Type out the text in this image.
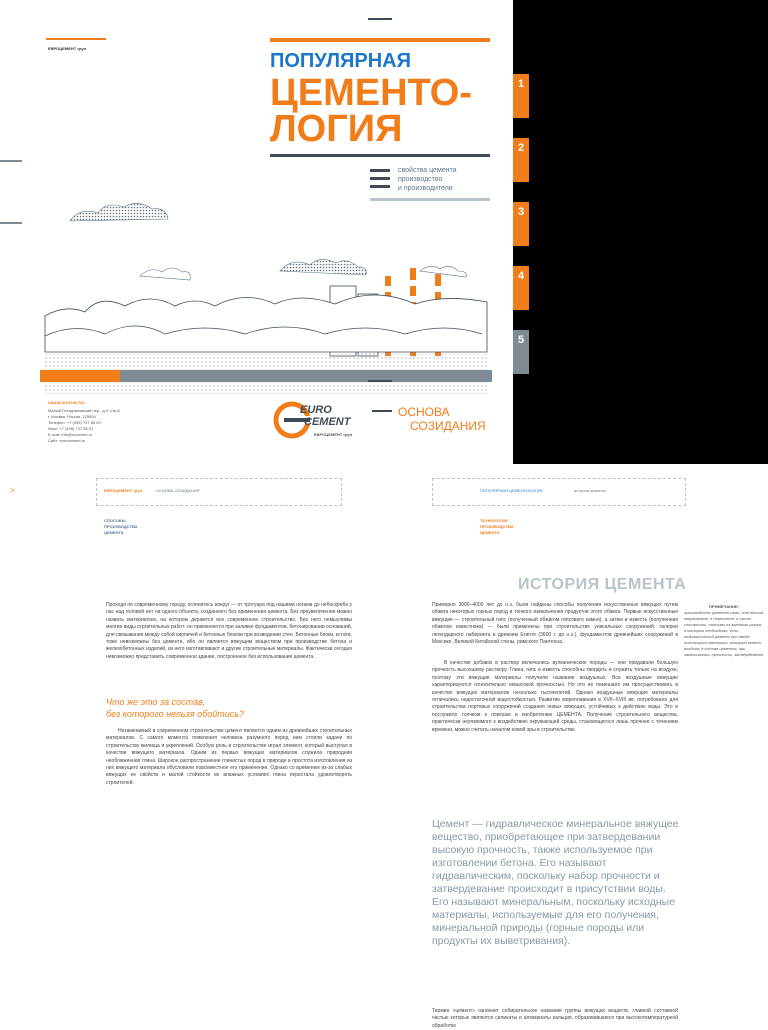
ЕВРОЦЕМЕНТ груп
ПОПУЛЯРНАЯ
ЦЕМЕНТО-
ЛОГИЯ
свойства цемента
производство
и производители
НАШИ КОНТАКТЫ
Малый Гнездниковский пер., д.9, стр.8
г. Москва, Россия, 125009
Телефон: +7 (495) 737 55 00
Факс: +7 (495) 737 55 01
E-mail: info@eurocem.ru
Сайт: eurocement.ru
EURO
CEMENT
ЕВРОЦЕМЕНТ груп
ОСНОВА
СОЗИДАНИЯ
1
2
3
4
5
>	ЕВРОЦЕМЕНТ груп	ОСНОВА СОЗИДАНИЯ
СПОСОБЫ
ПРОИЗВОДСТВА
ЦЕМЕНТА
ПОПУЛЯРНАЯ ЦЕМЕНТОЛОГИЯ	история цемента
ТЕХНОЛОГИЯ
ПРОИЗВОДСТВА
ЦЕМЕНТА
ИСТОРИЯ ЦЕМЕНТА
Проходя по современному городу, оглянитесь вокруг — от тротуара под нашими ногами до небоскреба у нас над головой нет ни одного объекта, созданного без применения цемента. Без преувеличения можно назвать материалом, на котором держится все современное строительство. Без него немыслимы многие виды строительных работ: он применяется при заливке фундаментов, бетонировании оснований, для связывания между собой кирпичей и бетонных блоков при возведении стен. Бетонные блоки, кстати, тоже невозможны без цемента, ибо он является вяжущим веществом при производстве бетона и железобетонных изделий, из него изготавливают и другие строительные материалы. Фактически сегодня невозможно представить современное здание, построенное без использования цемента.
Что же это за состав,
без которого нельзя обойтись?
Незаменимый в современном строительстве цемент является одним из древнейших строительных материалов. С самого момента появления человека разумного перед ним стояли задачи по строительству жилища и укреплений. Особую роль в строительстве играл элемент, который выступал в качестве вяжущего материала. Одним из первых вяжущих материалов служила природная необожженная глина. Широкое распространение глинистых пород в природе и простота изготовления из них вяжущего материала обусловили повсеместное его применение. Однако со временем из-за слабых вяжущих ее свойств и малой стойкости во влажных условиях глина перестала удовлетворять строителей.
Примерно 3000–4000 лет до н.э. были найдены способы получения искусственных вяжущих путем обжига некоторых горных пород и тонкого измельчения продуктов этого обжига. Первые искусственные вяжущие — строительный гипс (полученный обжигом гипсового камня), а затем и известь (полученная обжигом известняка) — были применены при строительстве уникальных сооружений: галереи легендарного лабиринта в древнем Египте (3600 г. до н.э.), фундаментов древнейших сооружений в Мексике, Великой Китайской стены, римского Пантеона.
В качестве добавок в раствор включались вулканические породы — они придавали большую прочность высохшему раствору. Глина, гипс и известь способны твердеть и служить только на воздухе, поэтому эти вяжущие материалы получили название воздушных. Все воздушные вяжущие характеризуются относительно невысокой прочностью. Но это не помешало им просуществовать в качестве вяжущих материалов несколько тысячелетий. Однако воздушные вяжущие материалы отличались недостаточной водостойкостью. Развитие мореплавания в XVII–XVIII вв. потребовало для строительства портовых сооружений создания новых вяжущих, устойчивых к действию воды. Это и послужило толчком к поискам и изобретению ЦЕМЕНТА. Получение строительного вещества, практически неуязвимого к воздействию окружающей среды, становящегося лишь прочнее с течением времени, можно считать началом новой эры в строительстве.
ПРИМЕЧАНИЕ:
производство цемента само, это весьма энергоемкое, в пересчете, в части стоимости, топливо из валового рынка, в котором необходимо, если гидравлический цемент при вводе используют материал, который может входить в состав цемента, при замешивании, прочность, затвердевание
Цемент — гидравлическое минеральное вяжущее вещество, приобретающее при затвердевании высокую прочность, также используемое при изготовлении бетона. Его называют гидравлическим, поскольку набор прочности и затвердевание происходит в присутствии воды. Его называют минеральным, поскольку исходные материалы, используемые для его получения, минеральной природы (горные породы или продукты их выветривания).
Термин «цемент» означает собирательное название группы вяжущих веществ, главной составной частью которых являются силикаты и алюминаты кальция, образовавшиеся при высокотемпературной обработке
